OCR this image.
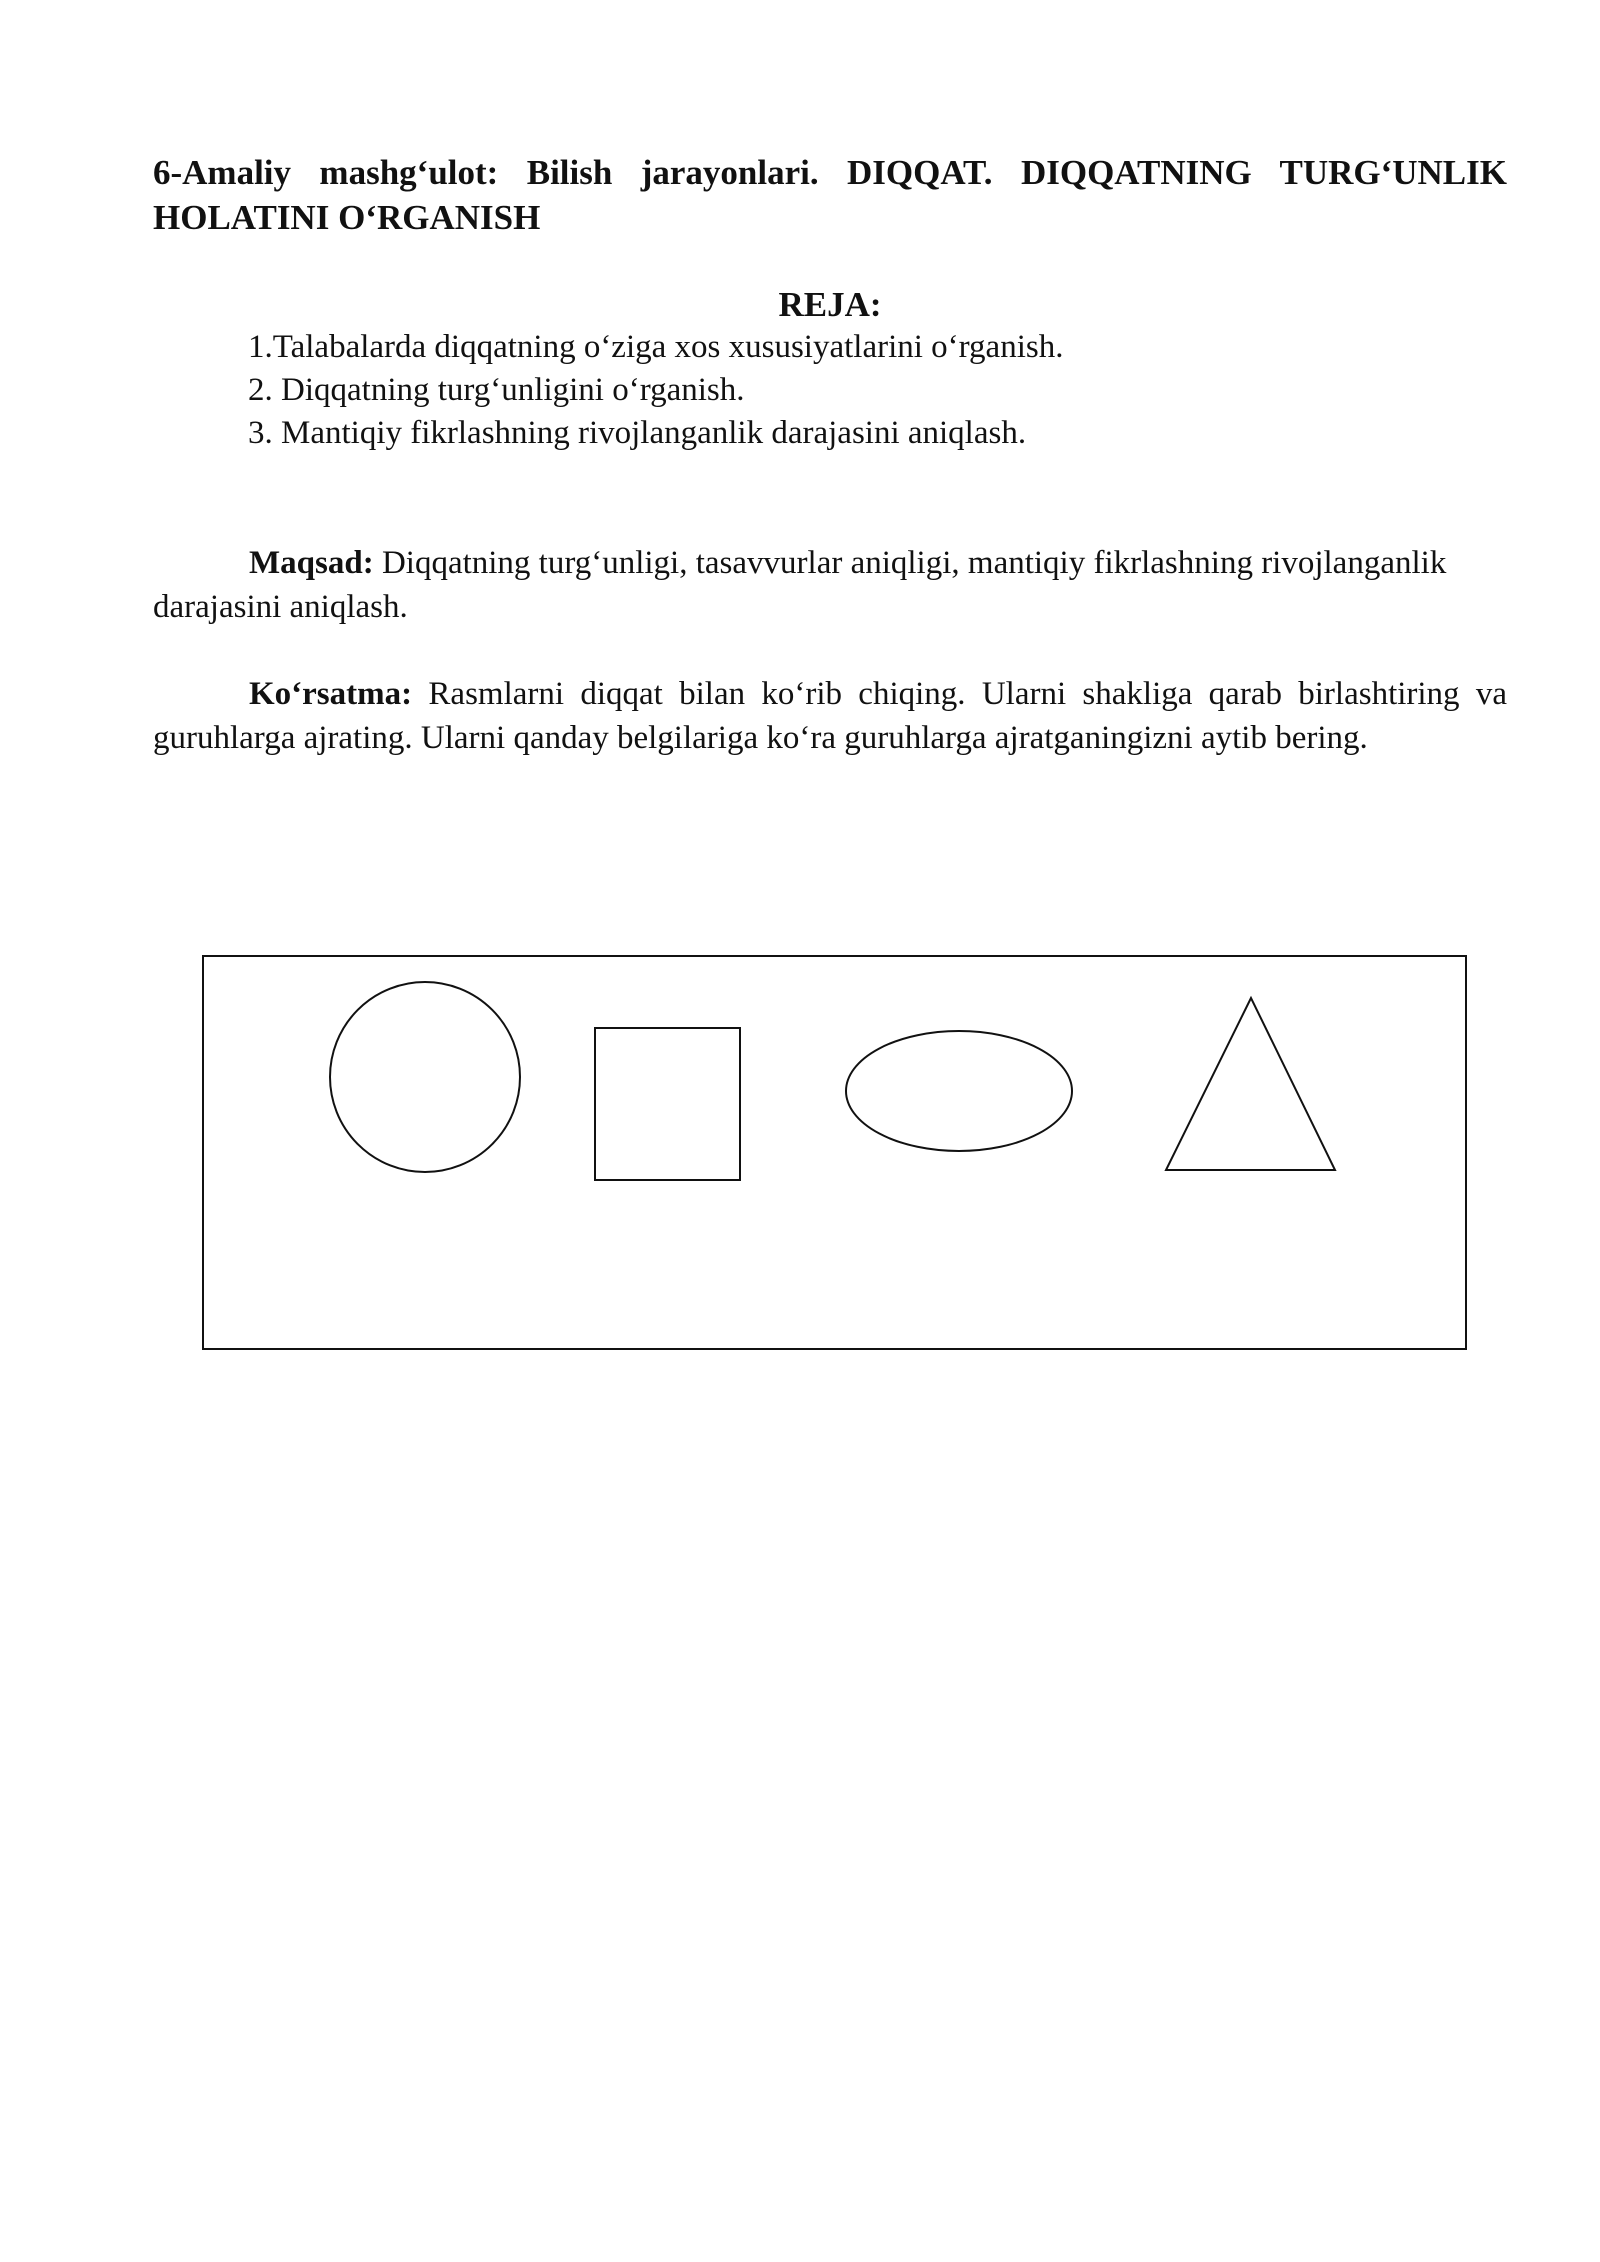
6-Amaliy mashg‘ulot: Bilish jarayonlari. DIQQAT. DIQQATNING TURG‘UNLIK HOLATINI O‘RGANISH
REJA:
1.Talabalarda diqqatning o‘ziga xos xususiyatlarini o‘rganish.
2. Diqqatning turg‘unligini o‘rganish.
3. Mantiqiy fikrlashning rivojlanganlik darajasini aniqlash.

Maqsad: Diqqatning turg‘unligi, tasavvurlar aniqligi, mantiqiy fikrlashning rivojlanganlik darajasini aniqlash.

Ko‘rsatma: Rasmlarni diqqat bilan ko‘rib chiqing. Ularni shakliga qarab birlashtiring va guruhlarga ajrating. Ularni qanday belgilariga ko‘ra guruhlarga ajratganingizni aytib bering.
